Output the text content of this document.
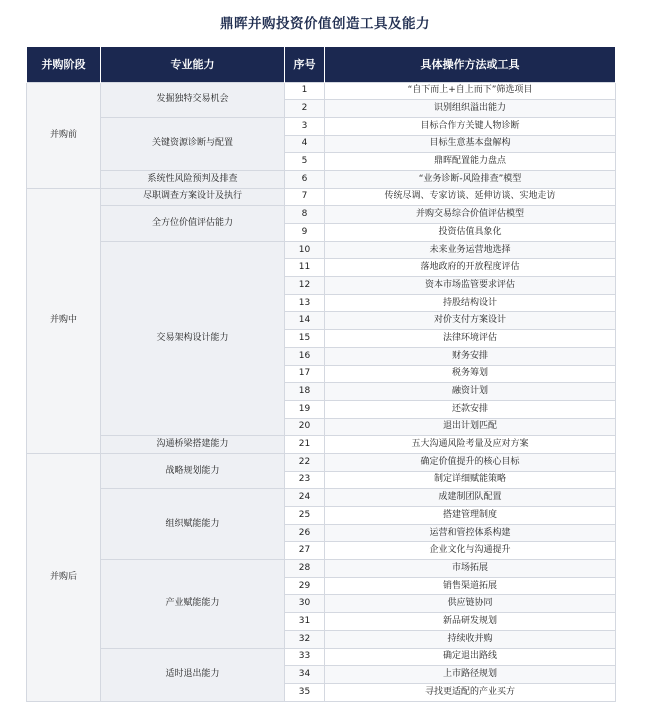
鼎晖并购投资价值创造工具及能力
并购阶段	专业能力	序号	具体操作方法或工具
并购前	发掘独特交易机会	1	“自下而上+自上而下”筛选项目
		2	识别组织溢出能力
	关键资源诊断与配置	3	目标合作方关键人物诊断
		4	目标生意基本盘解构
		5	鼎晖配置能力盘点
	系统性风险预判及排查	6	“业务诊断-风险排查”模型
并购中	尽职调查方案设计及执行	7	传统尽调、专家访谈、延伸访谈、实地走访
	全方位价值评估能力	8	并购交易综合价值评估模型
		9	投资估值具象化
	交易架构设计能力	10	未来业务运营地选择
		11	落地政府的开放程度评估
		12	资本市场监管要求评估
		13	持股结构设计
		14	对价支付方案设计
		15	法律环境评估
		16	财务安排
		17	税务筹划
		18	融资计划
		19	还款安排
		20	退出计划匹配
	沟通桥梁搭建能力	21	五大沟通风险考量及应对方案
并购后	战略规划能力	22	确定价值提升的核心目标
		23	制定详细赋能策略
	组织赋能能力	24	成建制团队配置
		25	搭建管理制度
		26	运营和管控体系构建
		27	企业文化与沟通提升
	产业赋能能力	28	市场拓展
		29	销售渠道拓展
		30	供应链协同
		31	新品研发规划
		32	持续收并购
	适时退出能力	33	确定退出路线
		34	上市路径规划
		35	寻找更适配的产业买方
